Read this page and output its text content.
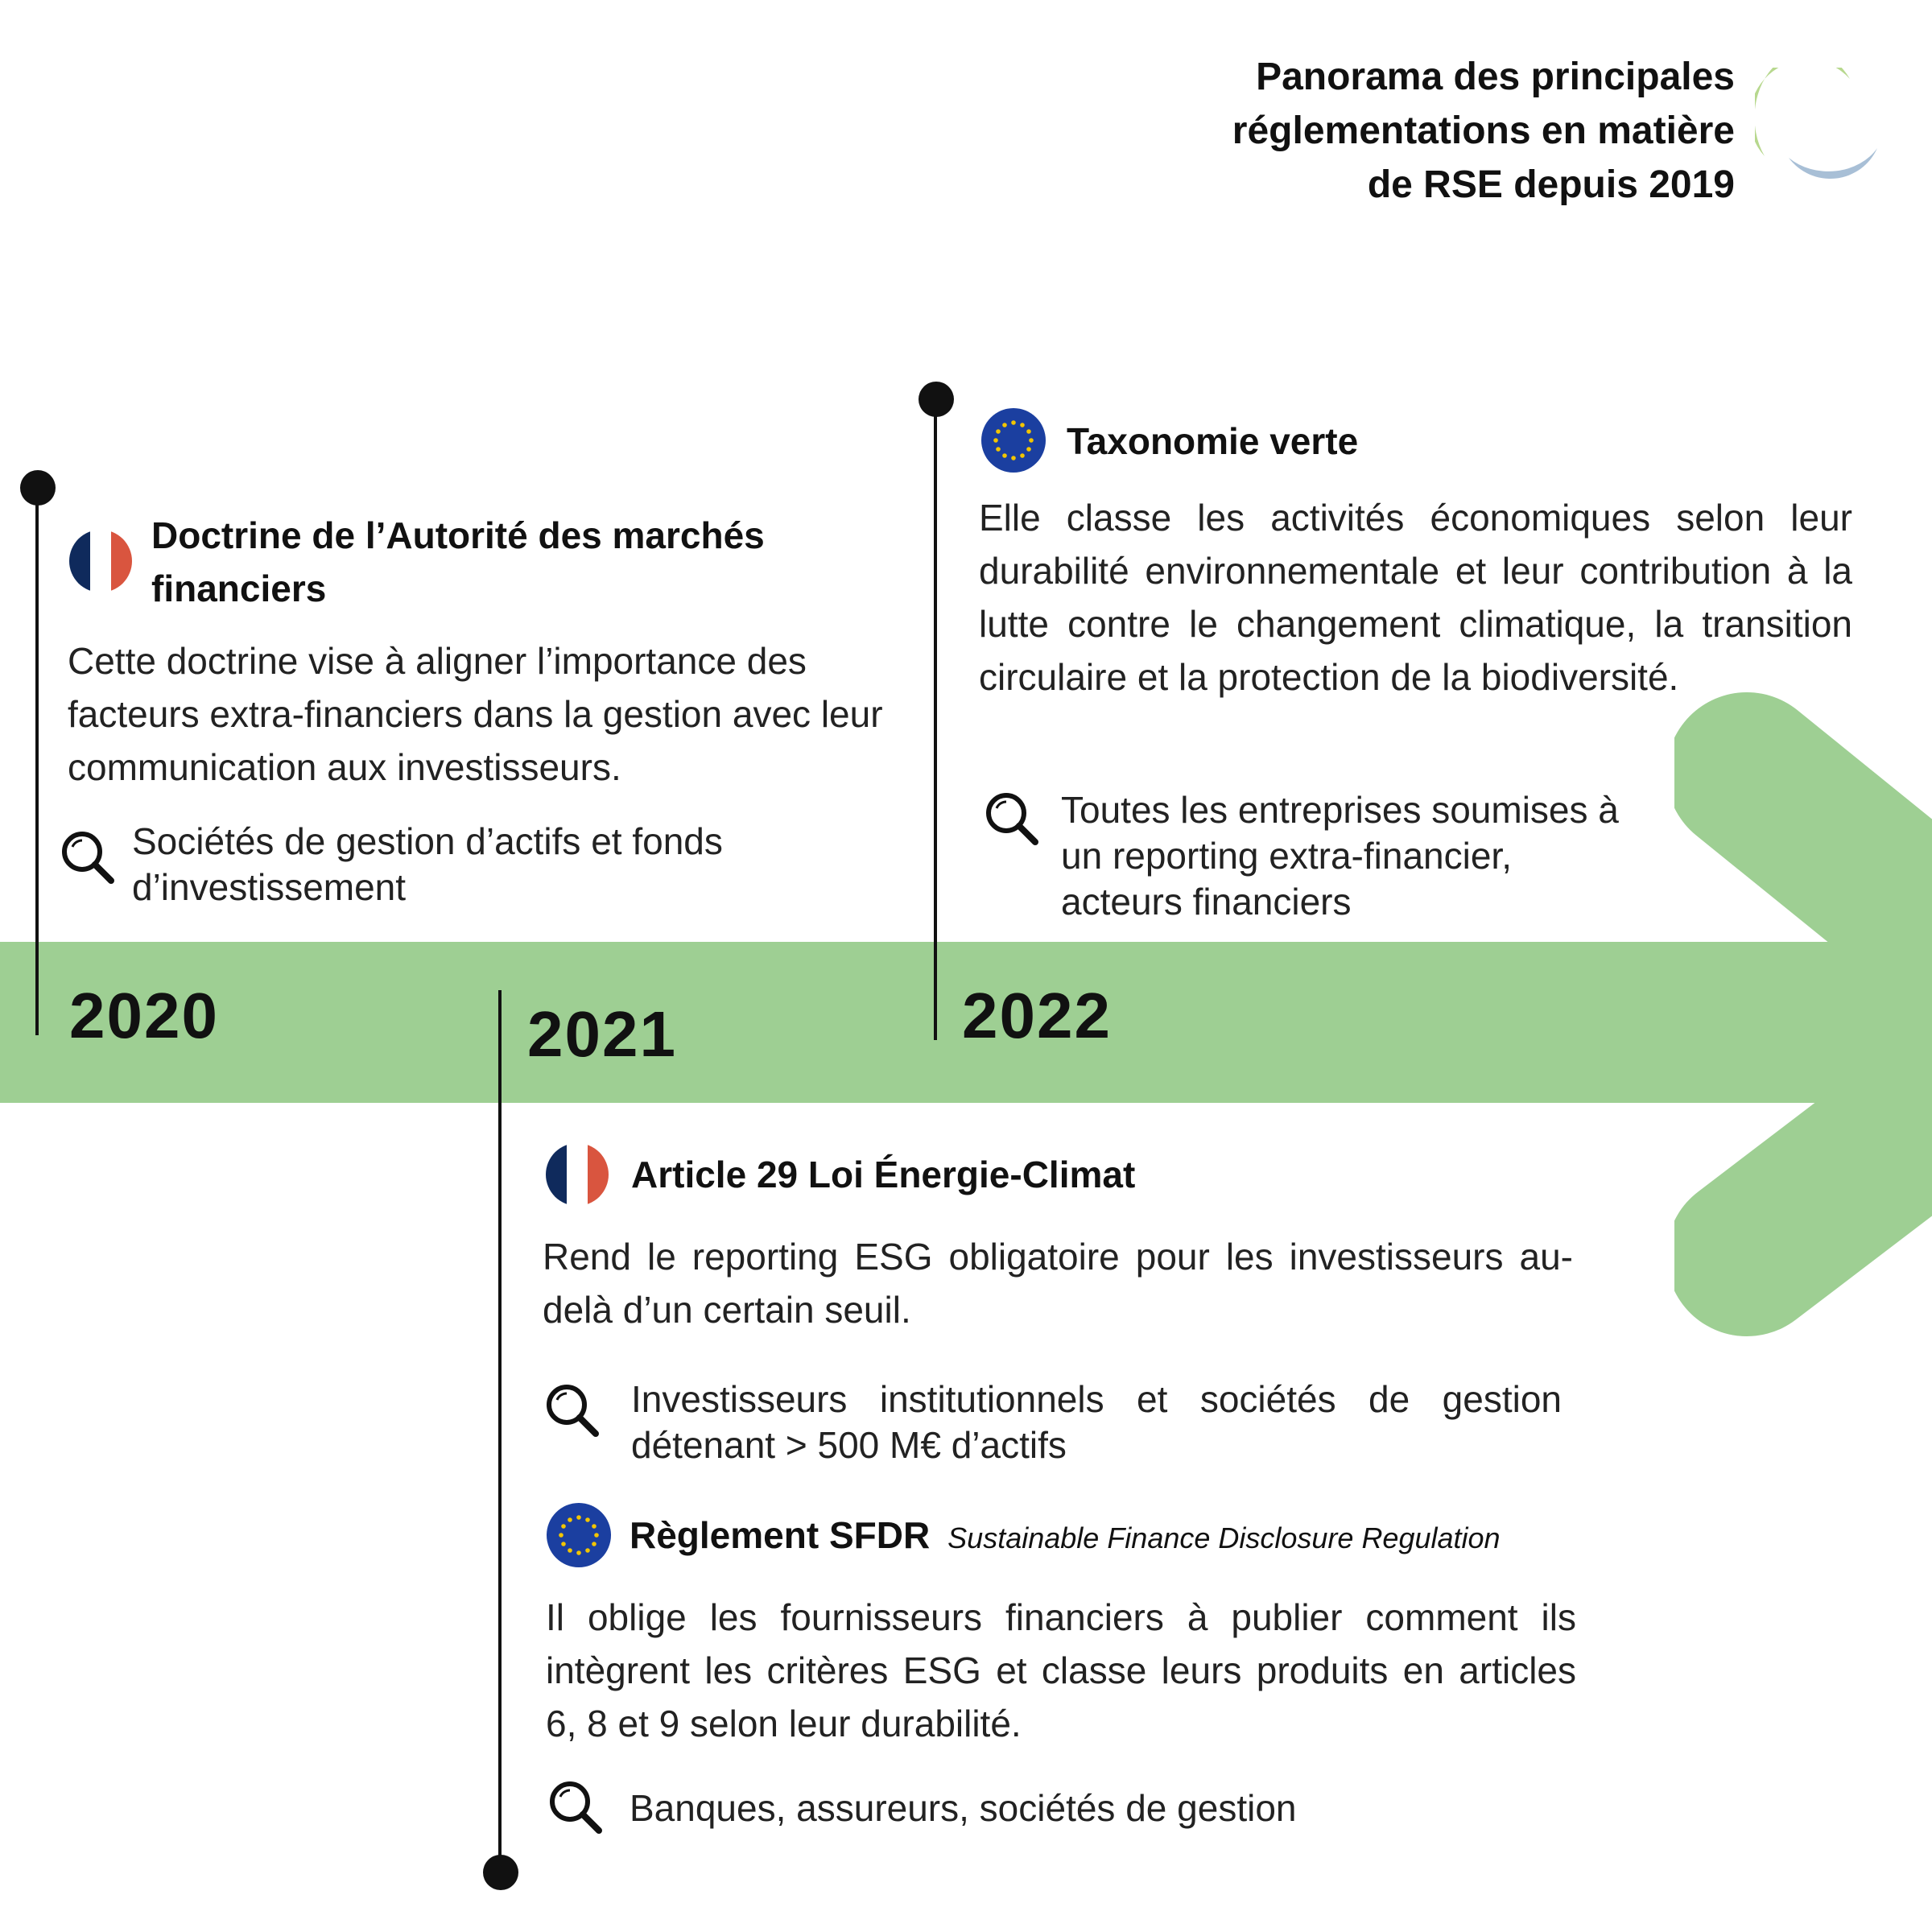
Panorama des principales
réglementations en matière
de RSE depuis 2019
2020	2021	2022
Doctrine de l’Autorité des marchés
financiers
Cette doctrine vise à aligner l’importance des facteurs extra-financiers dans la gestion avec leur communication aux investisseurs.
Sociétés de gestion d’actifs et fonds
d’investissement
Taxonomie verte
Elle classe les activités économiques selon leur durabilité environnementale et leur contribution à la lutte contre le changement climatique, la transition circulaire et la protection de la biodiversité.
Toutes les entreprises soumises à
un reporting extra-financier,
acteurs financiers
Article 29 Loi Énergie-Climat
Rend le reporting ESG obligatoire pour les investisseurs au-delà d’un certain seuil.
Investisseurs institutionnels et sociétés de gestion détenant > 500 M€ d’actifs
Règlement SFDR Sustainable Finance Disclosure Regulation
Il oblige les fournisseurs financiers à publier comment ils intègrent les critères ESG et classe leurs produits en articles 6, 8 et 9 selon leur durabilité.
Banques, assureurs, sociétés de gestion
